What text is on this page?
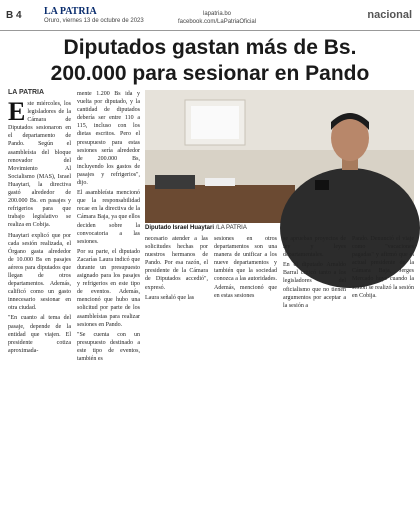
B 4 LA PATRIA
Oruro, viernes 13 de octubre de 2023
lapatria.bo
facebook.com/LaPatriaOficial
nacional
Diputados gastan más de Bs.
200.000 para sesionar en Pando
LA PATRIA

Este miércoles, los legisladores de la Cámara de Diputados sesionaron en el departamento de Pando. Según el asambleísta del bloque renovador del Movimiento Al Socialismo (MAS), Israel Huaytari, la directiva gastó alrededor de 200.000 Bs. en pasajes y refrigerios para que trabajo legislativo se realiza en Cobija.

Huaytari explicó que por cada sesión realizada, el Órgano gasta alrededor de 10.000 Bs en pasajes aéreos para diputados que llegan de otros departamentos. Además, calificó como un gasto innecesario sesionar en otra ciudad.

"En cuanto al tema del pasaje, depende de la entidad que viajen. El presidente cotiza aproximada-

mente 1.200 Bs ida y vuelta por diputado, y la cantidad de diputados debería ser entre 110 a 115, incluso con los dietas escritos. Pero el presupuesto para estas sesiones sería alrededor de 200.000 Bs, incluyendo los gastos de pasajes y refrigerios", dijo.

El asambleísta mencionó que la responsabilidad recae en la directiva de la Cámara Baja, ya que ellos deciden sobre la convocatoria a las sesiones.

Por su parte, el diputado Zacarías Laura indicó que durante un presupuesto asignado para los pasajes y refrigerios en este tipo de eventos. Además, mencionó que hubo una solicitud por parte de los asambleístas para realizar sesiones en Pando.

"Se cuenta con un presupuesto destinado a este tipo de eventos, también es

Diputado Israel Huaytari /LA PATRIA

necesario atender a las solicitudes hechas por nuestros hermanos de Pando. Por esa razón, el presidente de la Cámara de Diputados accedió", expresó.

Laura señaló que las

sesiones en otros departamentos son una manera de unificar a los nueve departamentos y también que la sociedad conozca a las autoridades. Además, mencionó que en estas sesiones

se aprueban proyectos de ley y leyes departamentales.

En el diputado Arnaldo Barral criticó tanto a los legisladores del oficialismo que no tienen argumentos por aceptar a la sesión a

Pando. Denunció el viaje como "vacaciones pagadas" y afirmó que el actual presidente de la Cámara Baja, Jerges Mercado huye cuando la sesión se realizó la sesión en Cobija.
